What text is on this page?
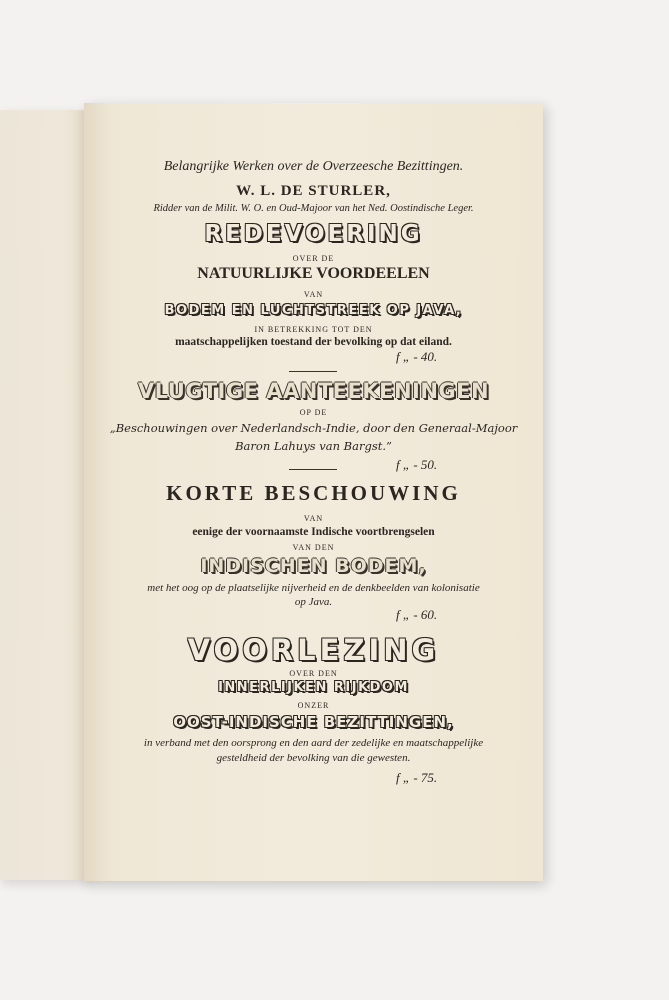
Belangrijke Werken over de Overzeesche Bezittingen.
W. L. DE STURLER,
Ridder van de Milit. W. O. en Oud-Majoor van het Ned. Oostindische Leger.
REDEVOERING
OVER DE
NATUURLIJKE VOORDEELEN
VAN
BODEM EN LUCHTSTREEK OP JAVA,
IN BETREKKING TOT DEN
maatschappelijken toestand der bevolking op dat eiland.
f „ - 40.
VLUGTIGE AANTEEKENINGEN
OP DE
„Beschouwingen over Nederlandsch-Indie, door den Generaal-Majoor
Baron Lahuys van Bargst.”
f „ - 50.
KORTE BESCHOUWING
VAN
eenige der voornaamste Indische voortbrengselen
VAN DEN
INDISCHEN BODEM,
met het oog op de plaatselijke nijverheid en de denkbeelden van kolonisatie
op Java.
f „ - 60.
VOORLEZING
OVER DEN
INNERLIJKEN RIJKDOM
ONZER
OOST-INDISCHE BEZITTINGEN,
in verband met den oorsprong en den aard der zedelijke en maatschappelijke
gesteldheid der bevolking van die gewesten.
f „ - 75.
